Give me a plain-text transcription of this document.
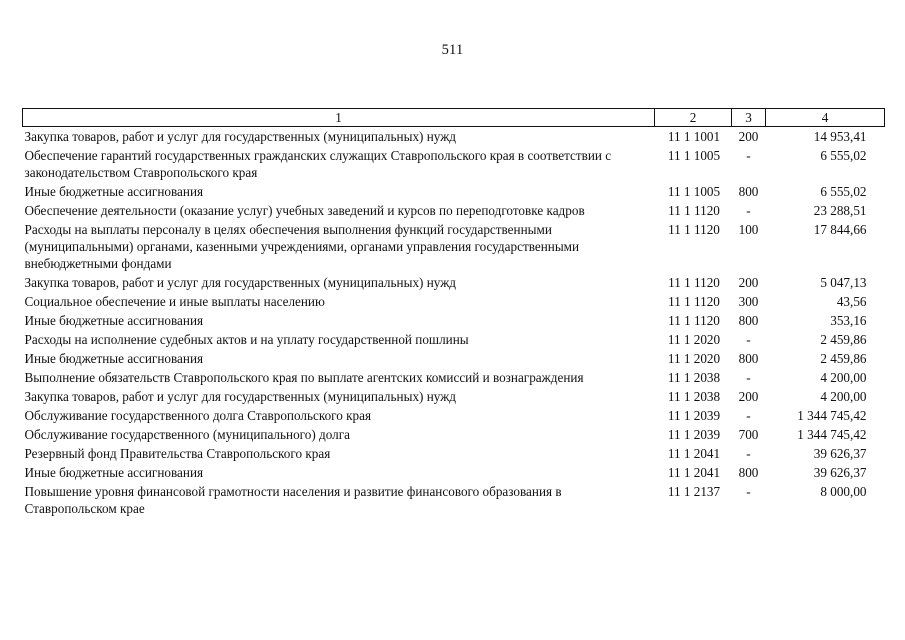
511
1	2	3	4
Закупка товаров, работ и услуг для государственных (муниципальных) нужд	11 1 1001	200	14 953,41
Обеспечение гарантий государственных гражданских служащих Ставропольского края в соответствии с законодательством Ставропольского края	11 1 1005	-	6 555,02
Иные бюджетные ассигнования	11 1 1005	800	6 555,02
Обеспечение деятельности (оказание услуг) учебных заведений и курсов по переподготовке кадров	11 1 1120	-	23 288,51
Расходы на выплаты персоналу в целях обеспечения выполнения функций государственными (муниципальными) органами, казенными учреждениями, органами управления государственными внебюджетными фондами	11 1 1120	100	17 844,66
Закупка товаров, работ и услуг для государственных (муниципальных) нужд	11 1 1120	200	5 047,13
Социальное обеспечение и иные выплаты населению	11 1 1120	300	43,56
Иные бюджетные ассигнования	11 1 1120	800	353,16
Расходы на исполнение судебных актов и на уплату государственной пошлины	11 1 2020	-	2 459,86
Иные бюджетные ассигнования	11 1 2020	800	2 459,86
Выполнение обязательств Ставропольского края по выплате агентских комиссий и вознаграждения	11 1 2038	-	4 200,00
Закупка товаров, работ и услуг для государственных (муниципальных) нужд	11 1 2038	200	4 200,00
Обслуживание государственного долга Ставропольского края	11 1 2039	-	1 344 745,42
Обслуживание государственного (муниципального) долга	11 1 2039	700	1 344 745,42
Резервный фонд Правительства Ставропольского края	11 1 2041	-	39 626,37
Иные бюджетные ассигнования	11 1 2041	800	39 626,37
Повышение уровня финансовой грамотности населения и развитие финансового образования в Ставропольском крае	11 1 2137	-	8 000,00
